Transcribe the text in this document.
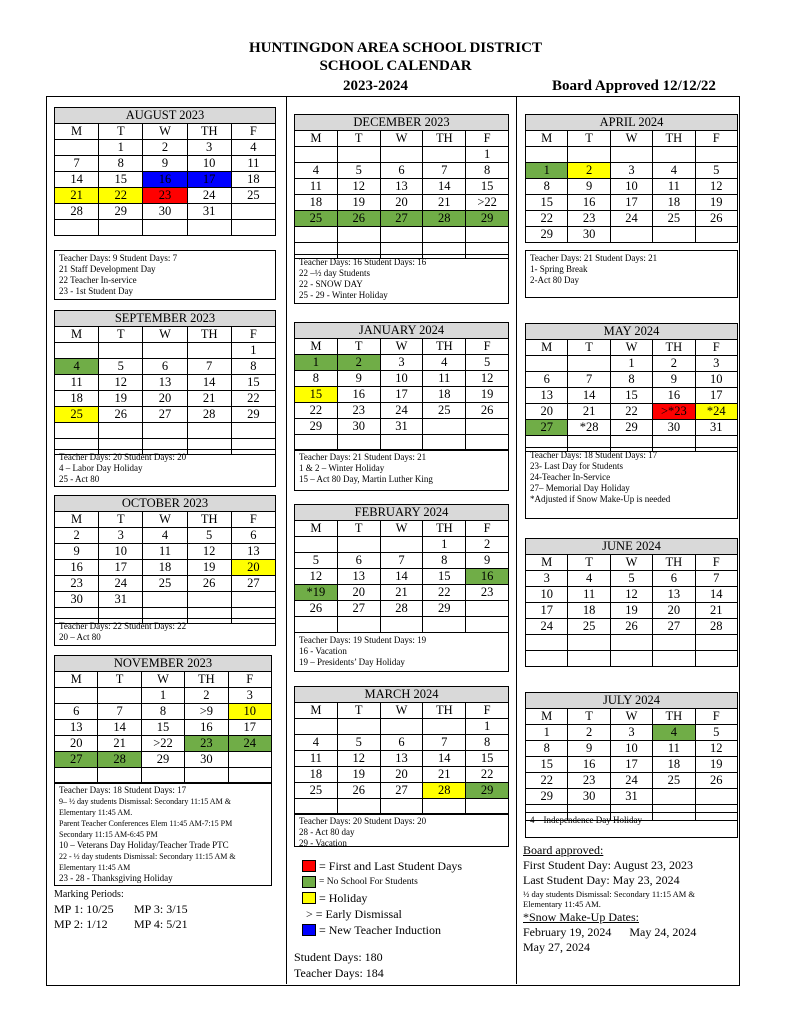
HUNTINGDON AREA SCHOOL DISTRICT
SCHOOL CALENDAR
2023-2024	Board Approved 12/12/22
AUGUST 2023				
M	T	W	TH	F
	1	2	3	4
7	8	9	10	11
14	15	16	17	18
21	22	23	24	25
28	29	30	31	

Teacher Days: 9 Student Days: 7
21 Staff Development Day
22 Teacher In-service
23 - 1st Student Day
SEPTEMBER 2023				
M	T	W	TH	F
				1
4	5	6	7	8
11	12	13	14	15
18	19	20	21	22
25	26	27	28	29

Teacher Days: 20 Student Days: 20
4 – Labor Day Holiday
25 - Act 80
OCTOBER 2023				
M	T	W	TH	F
2	3	4	5	6
9	10	11	12	13
16	17	18	19	20
23	24	25	26	27
30	31			

Teacher Days: 22 Student Days: 22
20 – Act 80
NOVEMBER 2023				
M	T	W	TH	F
		1	2	3
6	7	8	>9	10
13	14	15	16	17
20	21	>22	23	24
27	28	29	30	

Teacher Days: 18 Student Days: 17
9– ½ day students Dismissal: Secondary 11:15 AM & Elementary 11:45 AM.
Parent Teacher Conferences Elem 11:45 AM-7:15 PM Secondary 11:15 AM-6:45 PM
10 – Veterans Day Holiday/Teacher Trade PTC
22 - ½ day students Dismissal: Secondary 11:15 AM & Elementary 11:45 AM
23 - 28 - Thanksgiving Holiday
DECEMBER 2023				
M	T	W	TH	F
				1
4	5	6	7	8
11	12	13	14	15
18	19	20	21	>22
25	26	27	28	29

Teacher Days: 16 Student Days: 16
22 –½ day Students
22 - SNOW DAY
25 - 29 - Winter Holiday
JANUARY 2024				
M	T	W	TH	F
1	2	3	4	5
8	9	10	11	12
15	16	17	18	19
22	23	24	25	26
29	30	31		

Teacher Days: 21 Student Days: 21
1 & 2 – Winter Holiday
15 – Act 80 Day, Martin Luther King
FEBRUARY 2024				
M	T	W	TH	F
			1	2
5	6	7	8	9
12	13	14	15	16
*19	20	21	22	23
26	27	28	29	

Teacher Days: 19 Student Days: 19
16 - Vacation
19 – Presidents’ Day Holiday
MARCH 2024				
M	T	W	TH	F
				1
4	5	6	7	8
11	12	13	14	15
18	19	20	21	22
25	26	27	28	29

Teacher Days: 20 Student Days: 20
28 - Act 80 day
29 - Vacation
APRIL 2024				
M	T	W	TH	F

1	2	3	4	5
8	9	10	11	12
15	16	17	18	19
22	23	24	25	26
29	30			
Teacher Days: 21 Student Days: 21
1- Spring Break
2-Act 80 Day
MAY 2024				
M	T	W	TH	F
		1	2	3
6	7	8	9	10
13	14	15	16	17
20	21	22	>*23	*24
27	*28	29	30	31

Teacher Days: 18 Student Days: 17
23- Last Day for Students
24-Teacher In-Service
27– Memorial Day Holiday
*Adjusted if Snow Make-Up is needed
JUNE 2024				
M	T	W	TH	F
3	4	5	6	7
10	11	12	13	14
17	18	19	20	21
24	25	26	27	28

JULY 2024				
M	T	W	TH	F
1	2	3	4	5
8	9	10	11	12
15	16	17	18	19
22	23	24	25	26
29	30	31		

4 – Independence Day Holiday
= First and Last Student Days
= No School For Students
= Holiday
> = Early Dismissal
= New Teacher Induction
Student Days: 180
Teacher Days: 184
Marking Periods:
MP 1: 10/25 MP 3: 3/15
MP 2: 1/12 MP 4: 5/21
Board approved:
First Student Day: August 23, 2023
Last Student Day: May 23, 2024
½ day students Dismissal: Secondary 11:15 AM & Elementary 11:45 AM.
*Snow Make-Up Dates:
February 19, 2024      May 24, 2024
May 27, 2024
